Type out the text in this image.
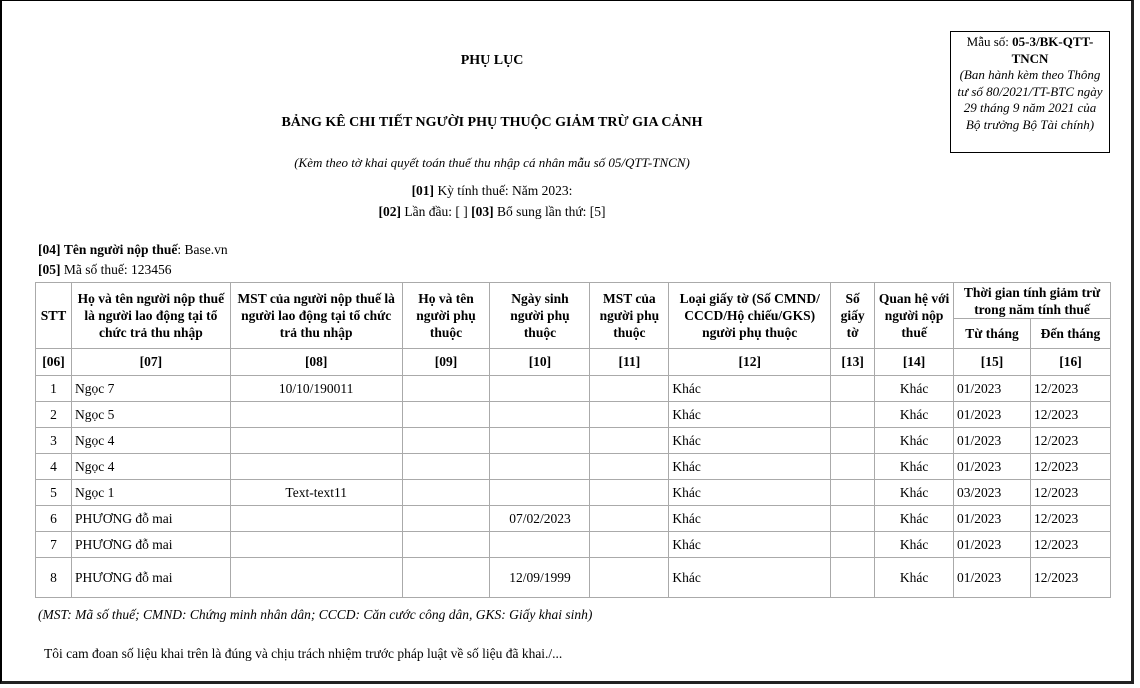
PHỤ LỤC
BẢNG KÊ CHI TIẾT NGƯỜI PHỤ THUỘC GIẢM TRỪ GIA CẢNH
(Kèm theo tờ khai quyết toán thuế thu nhập cá nhân mẫu số 05/QTT-TNCN)
[01] Kỳ tính thuế: Năm 2023:
[02] Lần đầu: [ ] [03] Bổ sung lần thứ: [5]
Mẫu số: 05-3/BK-QTT-TNCN
(Ban hành kèm theo Thông tư số 80/2021/TT-BTC ngày 29 tháng 9 năm 2021 của Bộ trưởng Bộ Tài chính)
[04] Tên người nộp thuế: Base.vn
[05] Mã số thuế: 123456
STT	Họ và tên người nộp thuế là người lao động tại tổ chức trả thu nhập	MST của người nộp thuế là người lao động tại tổ chức trả thu nhập	Họ và tên người phụ thuộc	Ngày sinh người phụ thuộc	MST của người phụ thuộc	Loại giấy tờ (Số CMND/ CCCD/Hộ chiếu/GKS) người phụ thuộc	Số giấy tờ	Quan hệ với người nộp thuế	Thời gian tính giảm trừ trong năm tính thuế	
									Từ tháng	Đến tháng
[06]	[07]	[08]	[09]	[10]	[11]	[12]	[13]	[14]	[15]	[16]
1	Ngọc 7	10/10/190011				Khác		Khác	01/2023	12/2023
2	Ngọc 5					Khác		Khác	01/2023	12/2023
3	Ngọc 4					Khác		Khác	01/2023	12/2023
4	Ngọc 4					Khác		Khác	01/2023	12/2023
5	Ngọc 1	Text-text11				Khác		Khác	03/2023	12/2023
6	PHƯƠNG đỗ mai			07/02/2023		Khác		Khác	01/2023	12/2023
7	PHƯƠNG đỗ mai					Khác		Khác	01/2023	12/2023
8	PHƯƠNG đỗ mai			12/09/1999		Khác		Khác	01/2023	12/2023
(MST: Mã số thuế; CMND: Chứng minh nhân dân; CCCD: Căn cước công dân, GKS: Giấy khai sinh)
Tôi cam đoan số liệu khai trên là đúng và chịu trách nhiệm trước pháp luật về số liệu đã khai./...
